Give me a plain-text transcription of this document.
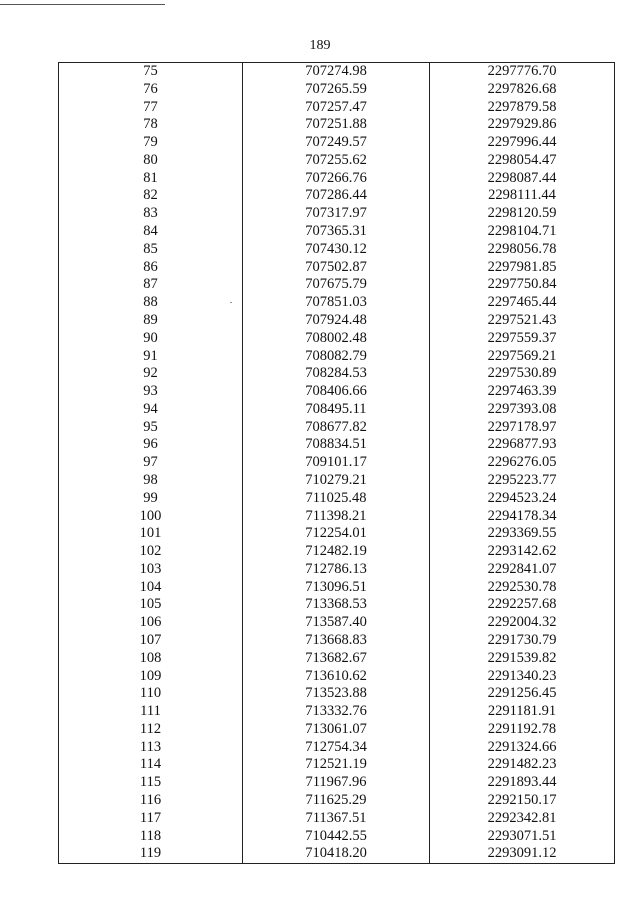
189
75	707274.98	2297776.70
76	707265.59	2297826.68
77	707257.47	2297879.58
78	707251.88	2297929.86
79	707249.57	2297996.44
80	707255.62	2298054.47
81	707266.76	2298087.44
82	707286.44	2298111.44
83	707317.97	2298120.59
84	707365.31	2298104.71
85	707430.12	2298056.78
86	707502.87	2297981.85
87	707675.79	2297750.84
88	707851.03	2297465.44
89	707924.48	2297521.43
90	708002.48	2297559.37
91	708082.79	2297569.21
92	708284.53	2297530.89
93	708406.66	2297463.39
94	708495.11	2297393.08
95	708677.82	2297178.97
96	708834.51	2296877.93
97	709101.17	2296276.05
98	710279.21	2295223.77
99	711025.48	2294523.24
100	711398.21	2294178.34
101	712254.01	2293369.55
102	712482.19	2293142.62
103	712786.13	2292841.07
104	713096.51	2292530.78
105	713368.53	2292257.68
106	713587.40	2292004.32
107	713668.83	2291730.79
108	713682.67	2291539.82
109	713610.62	2291340.23
110	713523.88	2291256.45
111	713332.76	2291181.91
112	713061.07	2291192.78
113	712754.34	2291324.66
114	712521.19	2291482.23
115	711967.96	2291893.44
116	711625.29	2292150.17
117	711367.51	2292342.81
118	710442.55	2293071.51
119	710418.20	2293091.12
